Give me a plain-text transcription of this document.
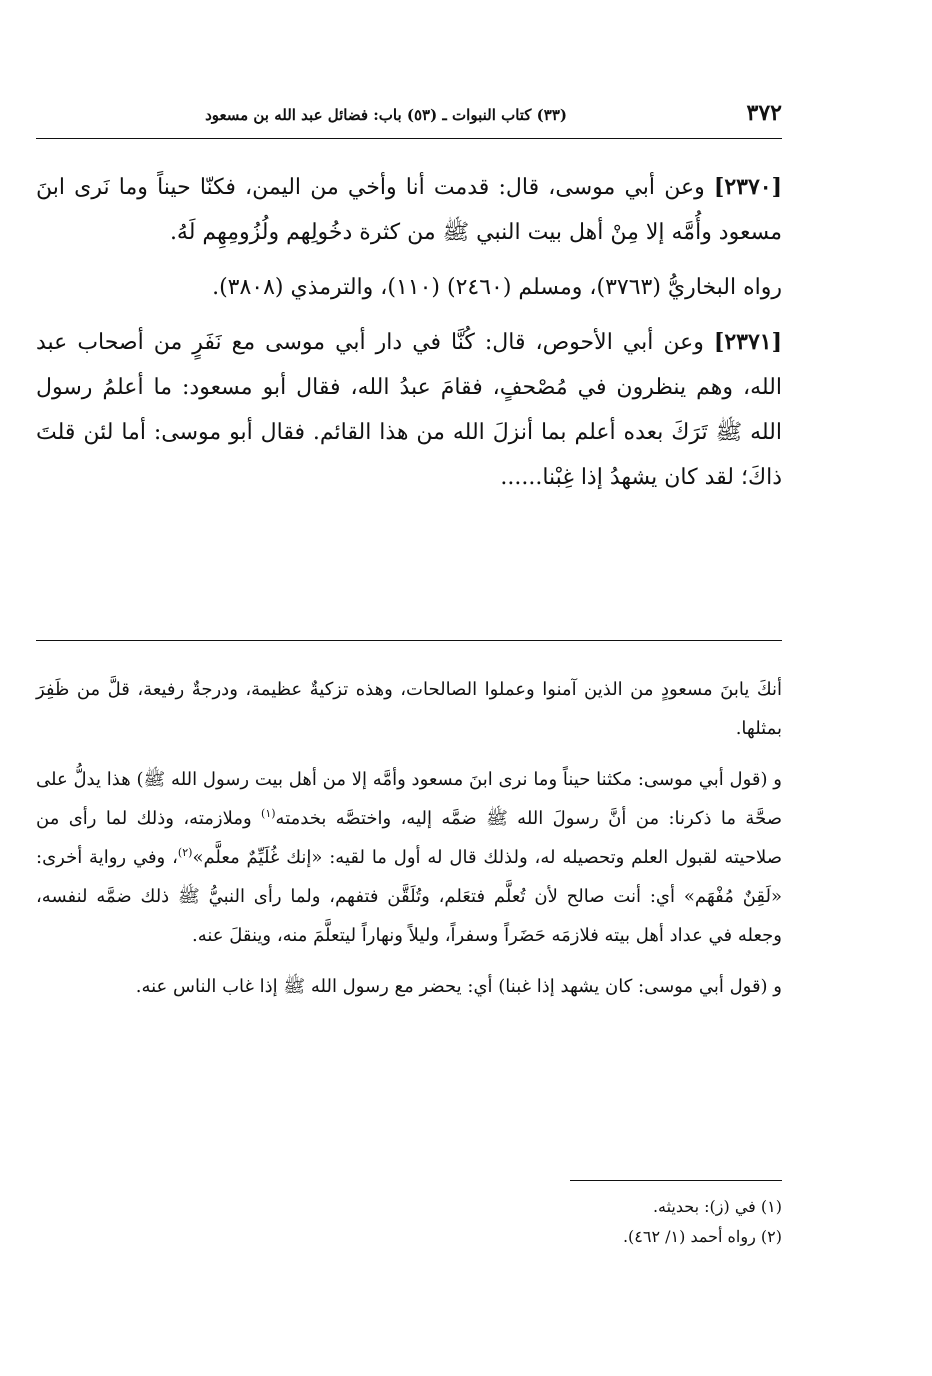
٣٧٢
(٣٣) كتاب النبوات ـ (٥٣) باب: فضائل عبد الله بن مسعود

[٢٣٧٠] وعن أبي موسى، قال: قدمت أنا وأخي من اليمن، فكنّا حيناً وما نَرى ابنَ مسعود وأُمَّه إلا مِنْ أهل بيت النبي ﷺ من كثرة دخُولِهم ولُزُومِهِم لَهُ.

رواه البخاريُّ (٣٧٦٣)، ومسلم (٢٤٦٠) (١١٠)، والترمذي (٣٨٠٨).

[٢٣٧١] وعن أبي الأحوص، قال: كُنَّا في دار أبي موسى مع نَفَرٍ من أصحاب عبد الله، وهم ينظرون في مُصْحفٍ، فقامَ عبدُ الله، فقال أبو مسعود: ما أعلمُ رسول الله ﷺ تَرَكَ بعده أعلم بما أنزلَ الله من هذا القائم. فقال أبو موسى: أما لئن قلتَ ذاكَ؛ لقد كان يشهدُ إذا غِبْنا......

أنكَ يابنَ مسعودٍ من الذين آمنوا وعملوا الصالحات، وهذه تزكيةٌ عظيمة، ودرجةٌ رفيعة، قلَّ من ظَفِرَ بمثلها.

و (قول أبي موسى: مكثنا حيناً وما نرى ابنَ مسعود وأمَّه إلا من أهل بيت رسول الله ﷺ) هذا يدلُّ على صحَّة ما ذكرنا: من أنَّ رسولَ الله ﷺ ضمَّه إليه، واختصَّه بخدمته$^{(١)}$ وملازمته، وذلك لما رأى من صلاحيته لقبول العلم وتحصيله له، ولذلك قال له أول ما لقيه: «إنك غُلَيِّمٌ معلَّم»$^{(٢)}$، وفي رواية أخرى: «لَقِنٌ مُفْهَم» أي: أنت صالح لأن تُعلَّم فتعَلم، وتُلَقَّن فتفهم، ولما رأى النبيُّ ﷺ ذلك ضمَّه لنفسه، وجعله في عداد أهل بيته فلازمَه حَضَراً وسفراً، وليلاً ونهاراً ليتعلَّمَ منه، وينقلَ عنه.

و (قول أبي موسى: كان يشهد إذا غبنا) أي: يحضر مع رسول الله ﷺ إذا غاب الناس عنه.

(١) في (ز): بحديثه.

(٢) رواه أحمد (١/ ٤٦٢).
